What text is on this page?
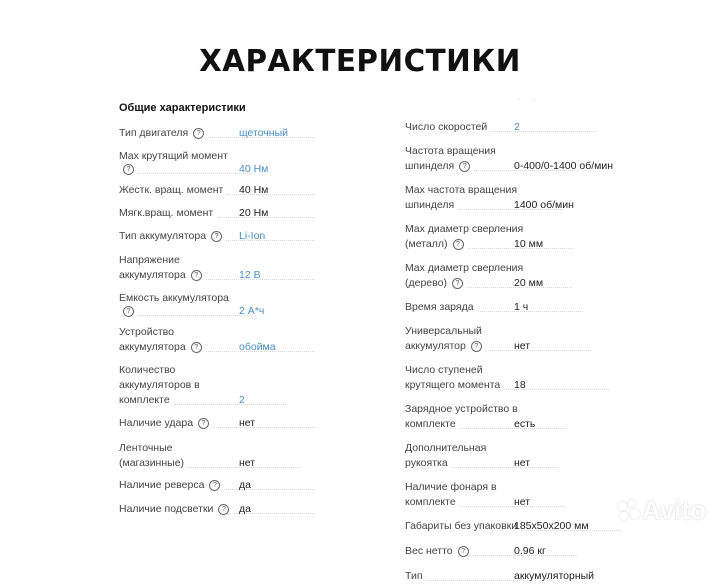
ХАРАКТЕРИСТИКИ
Общие характеристики
Тип двигателя	?	щеточный
Max крутящий момент
?	40 Нм
Жестк. вращ. момент 40 Нм
Мягк.вращ. момент 20 Нм
Тип аккумулятора	?	Li-Ion
Напряжение
аккумулятора	?	12 В
Емкость аккумулятора
?	2 А*ч
Устройство
аккумулятора	?	обойма
Количество
аккумуляторов в
комплекте	2
Наличие удара	?	нет
Ленточные
(магазинные)	нет
Наличие реверса	?	да
Наличие подсветки	?	да
·        ·
Число скоростей	2
Частота вращения
шпинделя	?	0-400/0-1400 об/мин
Max частота вращения
шпинделя	1400 об/мин
Max диаметр сверления
(металл)	?	10 мм
Max диаметр сверления
(дерево)	?	20 мм
Время заряда	1 ч
Универсальный
аккумулятор	?	нет
Число ступеней
крутящего момента 18
Зарядное устройство в
комплекте	есть
Дополнительная
рукоятка	нет
Наличие фонаря в
комплекте	нет
Габариты без упаковки
185x50x200 мм
Вес нетто	?	0.96 кг
Тип	аккумуляторный
Avito
